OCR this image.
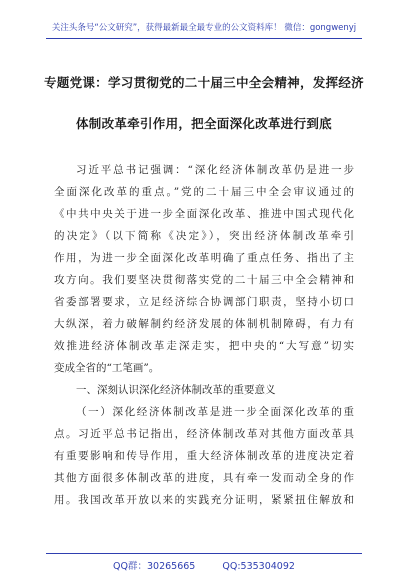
关注头条号“公文研究”，获得最新最全最专业的公文资料库！ 微信：gongwenyj
专题党课：学习贯彻党的二十届三中全会精神，发挥经济
体制改革牵引作用，把全面深化改革进行到底
习近平总书记强调：“深化经济体制改革仍是进一步
全面深化改革的重点。”党的二十届三中全会审议通过的
《中共中央关于进一步全面深化改革、推进中国式现代化
的决定》（以下简称《决定》），突出经济体制改革牵引
作用，为进一步全面深化改革明确了重点任务、指出了主
攻方向。我们要坚决贯彻落实党的二十届三中全会精神和
省委部署要求，立足经济综合协调部门职责，坚持小切口
大纵深，着力破解制约经济发展的体制机制障碍，有力有
效推进经济体制改革走深走实，把中央的“大写意”切实
变成全省的“工笔画”。
一、深刻认识深化经济体制改革的重要意义
（一）深化经济体制改革是进一步全面深化改革的重
点。习近平总书记指出，经济体制改革对其他方面改革具
有重要影响和传导作用，重大经济体制改革的进度决定着
其他方面很多体制改革的进度，具有牵一发而动全身的作
用。我国改革开放以来的实践充分证明，紧紧扭住解放和
QQ群：30265665	QQ:535304092
